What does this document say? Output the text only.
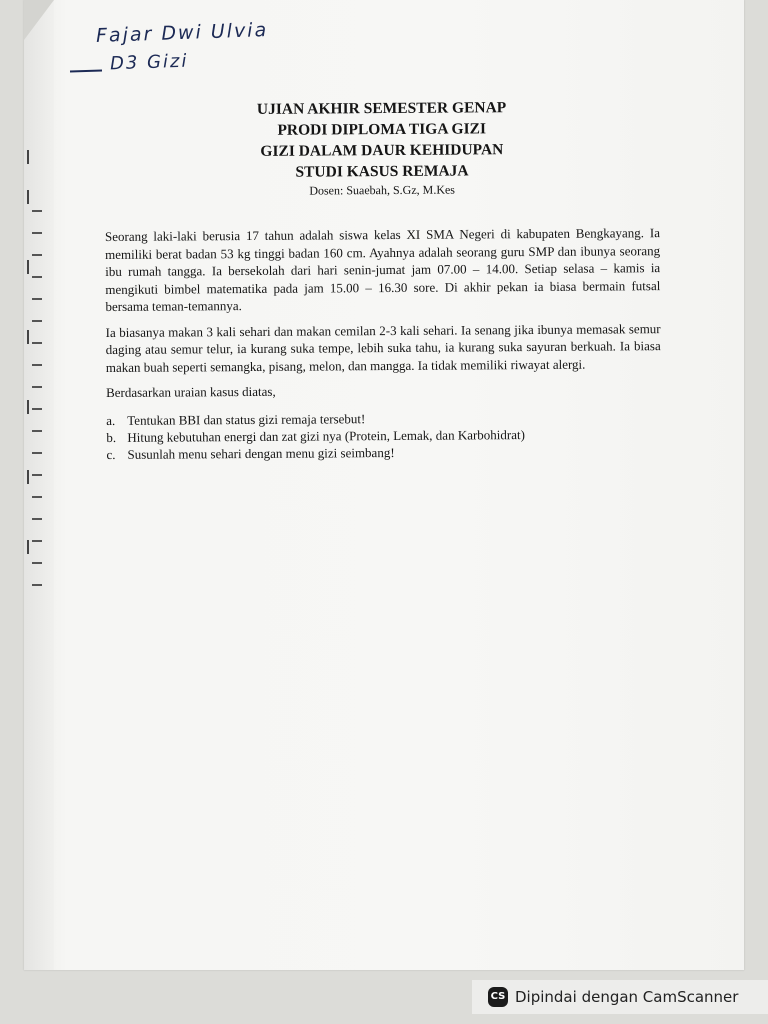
Fajar Dwi Ulvia
D3 Gizi

UJIAN AKHIR SEMESTER GENAP

PRODI DIPLOMA TIGA GIZI

GIZI DALAM DAUR KEHIDUPAN

STUDI KASUS REMAJA

Dosen: Suaebah, S.Gz, M.Kes

Seorang laki-laki berusia 17 tahun adalah siswa kelas XI SMA Negeri di kabupaten Bengkayang. Ia memiliki berat badan 53 kg tinggi badan 160 cm. Ayahnya adalah seorang guru SMP dan ibunya seorang ibu rumah tangga. Ia bersekolah dari hari senin-jumat jam 07.00 – 14.00. Setiap selasa – kamis ia mengikuti bimbel matematika pada jam 15.00 – 16.30 sore. Di akhir pekan ia biasa bermain futsal bersama teman-temannya.

Ia biasanya makan 3 kali sehari dan makan cemilan 2-3 kali sehari. Ia senang jika ibunya memasak semur daging atau semur telur, ia kurang suka tempe, lebih suka tahu, ia kurang suka sayuran berkuah. Ia biasa makan buah seperti semangka, pisang, melon, dan mangga. Ia tidak memiliki riwayat alergi.

Berdasarkan uraian kasus diatas,

a. Tentukan BBI dan status gizi remaja tersebut!
b. Hitung kebutuhan energi dan zat gizi nya (Protein, Lemak, dan Karbohidrat)
c. Susunlah menu sehari dengan menu gizi seimbang!
CS Dipindai dengan CamScanner
